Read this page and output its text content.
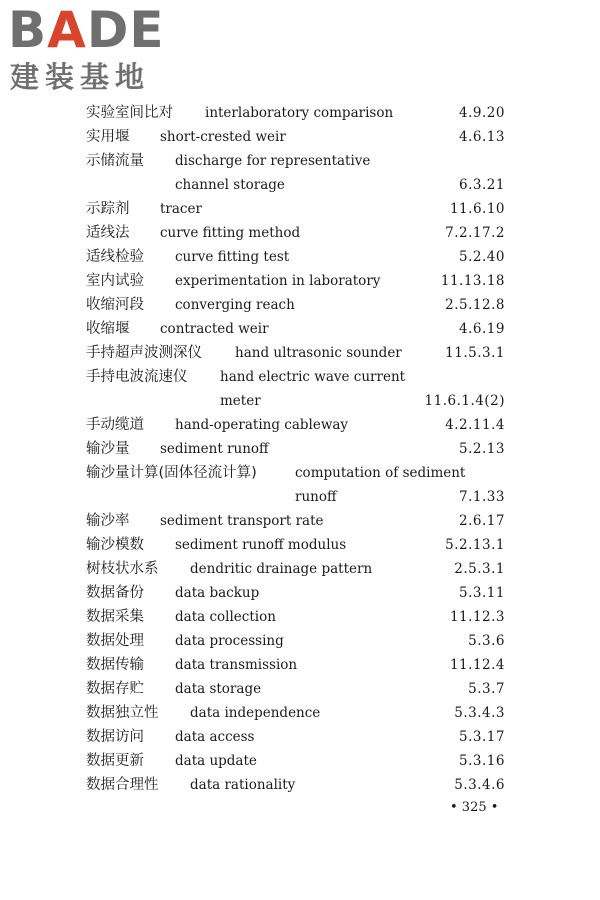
BADE
建装基地
实验室间比对 interlaboratory comparison	4.9.20
实用堰 short-crested weir	4.6.13
示储流量 discharge for representative
channel storage	6.3.21
示踪剂 tracer	11.6.10
适线法 curve fitting method	7.2.17.2
适线检验 curve fitting test	5.2.40
室内试验 experimentation in laboratory	11.13.18
收缩河段 converging reach	2.5.12.8
收缩堰 contracted weir	4.6.19
手持超声波测深仪 hand ultrasonic sounder	11.5.3.1
手持电波流速仪 hand electric wave current
meter	11.6.1.4(2)
手动缆道 hand-operating cableway	4.2.11.4
输沙量 sediment runoff	5.2.13
输沙量计算(固体径流计算)	computation of sediment
runoff	7.1.33
输沙率 sediment transport rate	2.6.17
输沙模数 sediment runoff modulus	5.2.13.1
树枝状水系 dendritic drainage pattern	2.5.3.1
数据备份 data backup	5.3.11
数据采集 data collection	11.12.3
数据处理 data processing	5.3.6
数据传输 data transmission	11.12.4
数据存贮 data storage	5.3.7
数据独立性 data independence	5.3.4.3
数据访问 data access	5.3.17
数据更新 data update	5.3.16
数据合理性 data rationality	5.3.4.6
• 325 •
